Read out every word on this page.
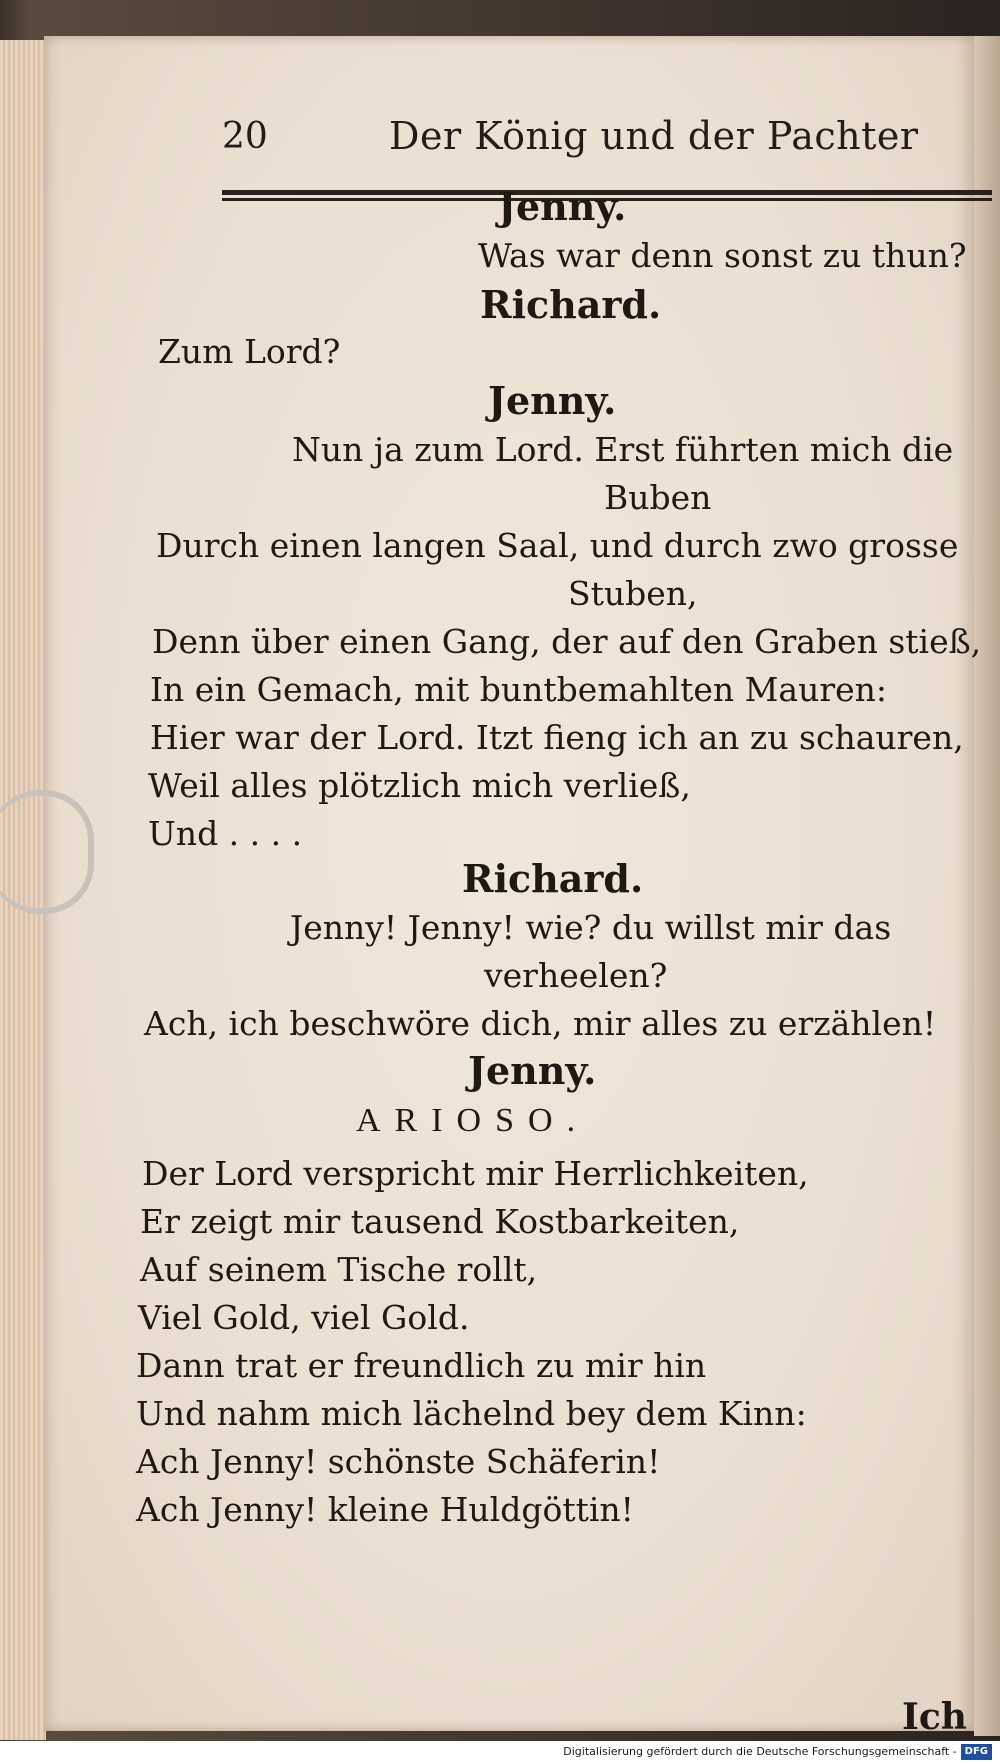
20	Der König und der Pachter
Jenny.
Was war denn sonst zu thun?
Richard.
Zum Lord?
Jenny.
Nun ja zum Lord. Erst führten mich die
Buben
Durch einen langen Saal, und durch zwo grosse
Stuben,
Denn über einen Gang, der auf den Graben stieß,
In ein Gemach, mit buntbemahlten Mauren:
Hier war der Lord. Itzt fieng ich an zu schauren,
Weil alles plötzlich mich verließ,
Und . . . .
Richard.
Jenny! Jenny! wie? du willst mir das
verheelen?
Ach, ich beschwöre dich, mir alles zu erzählen!
Jenny.
ARIOSO.
Der Lord verspricht mir Herrlichkeiten,
Er zeigt mir tausend Kostbarkeiten,
Auf seinem Tische rollt,
Viel Gold, viel Gold.
Dann trat er freundlich zu mir hin
Und nahm mich lächelnd bey dem Kinn:
Ach Jenny! schönste Schäferin!
Ach Jenny! kleine Huldgöttin!
Ich
Digitalisierung gefördert durch die Deutsche Forschungsgemeinschaft - DFG
